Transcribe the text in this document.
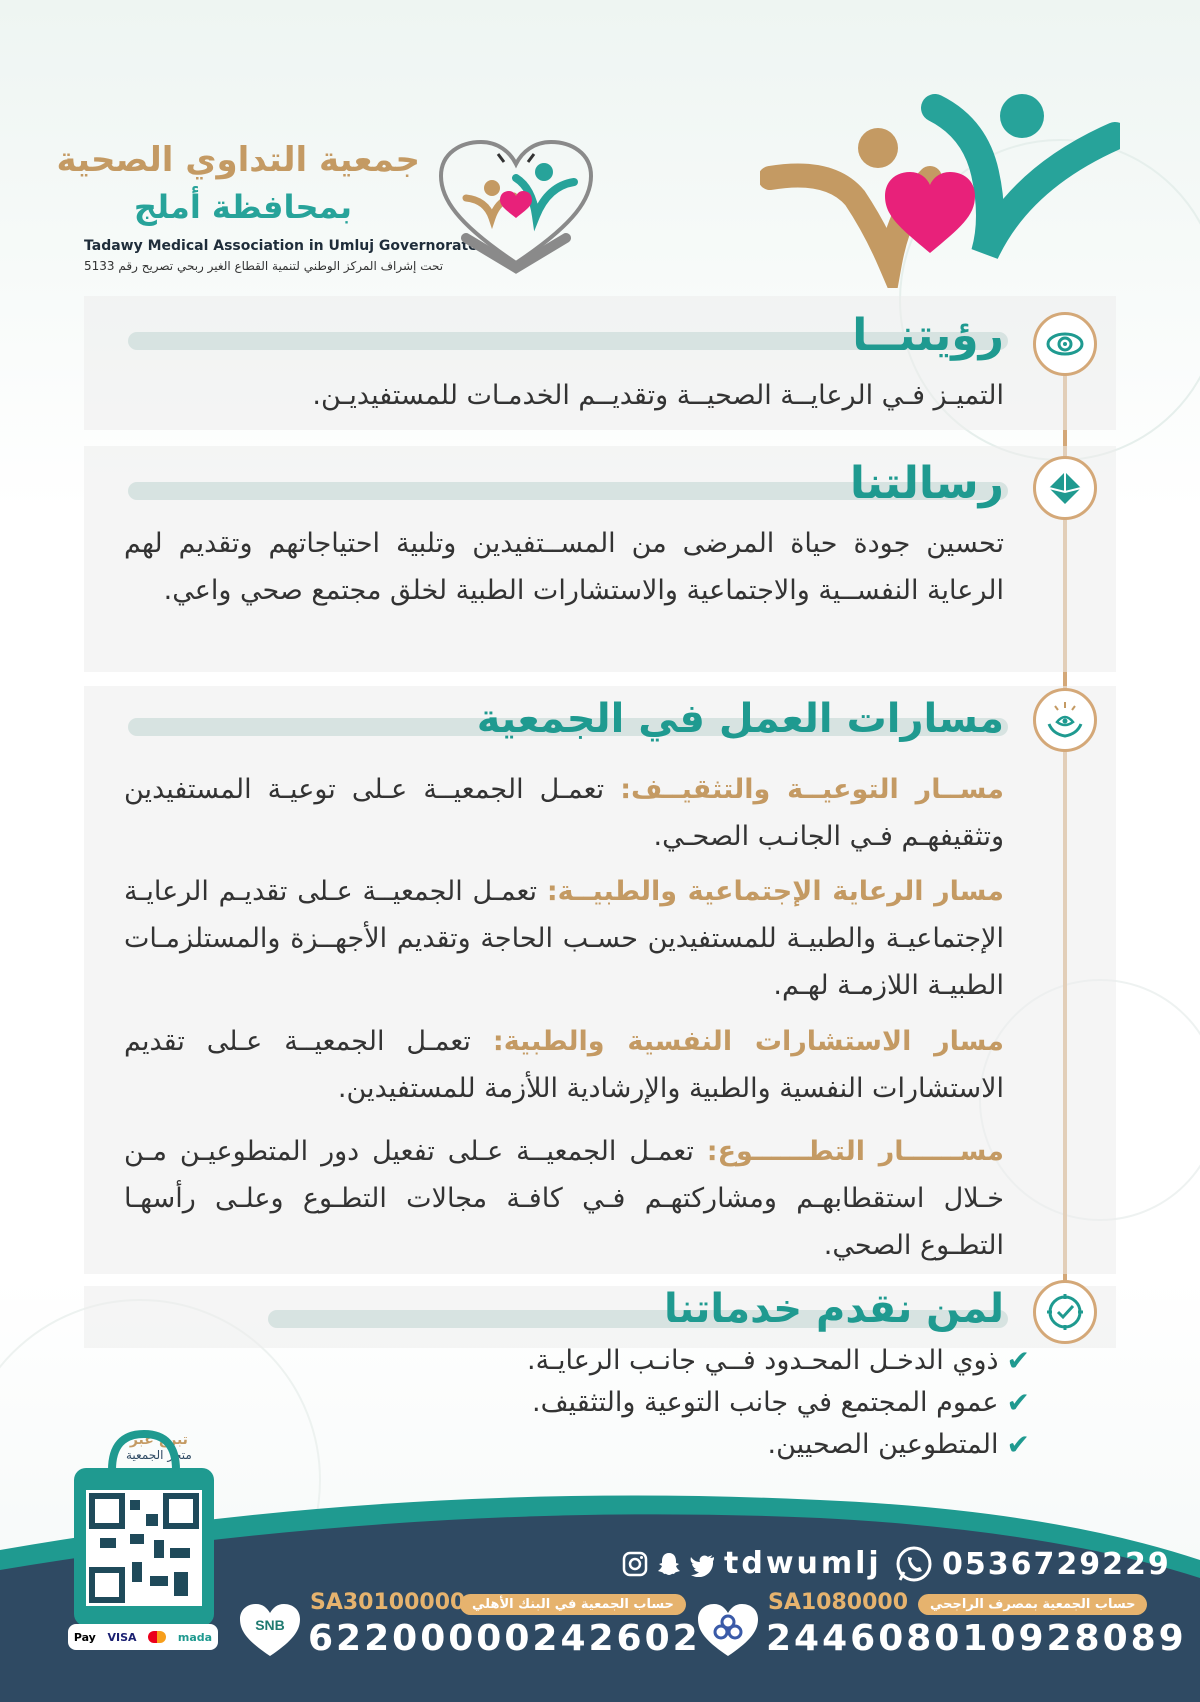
جمعية التداوي الصحية
بمحافظة أملج
Tadawy Medical Association in Umluj Governorate
تحت إشراف المركز الوطني لتنمية القطاع الغير ربحي تصريح رقم 5133
رؤيتنــا
التميـز فـي الرعايــة الصحيــة وتقديــم الخدمـات للمستفيديـن.
رسالتنا
تحسين جودة حياة المرضى من المســتفيدين وتلبية احتياجاتهم وتقديم لهم الرعاية النفســية والاجتماعية والاستشارات الطبية لخلق مجتمع صحي واعي.
مسارات العمل في الجمعية
مســار التوعيــة والتثقيــف: تعمـل الجمعيــة عـلى توعيـة المستفيدين وتثقيفهـم فـي الجانـب الصحـي.
مسار الرعاية الإجتماعية والطبيــة: تعمـل الجمعيــة عـلى تقديـم الرعايـة الإجتماعيـة والطبيـة للمستفيدين حسـب الحاجة وتقديم الأجهــزة والمستلزمـات الطبيـة اللازمـة لهـم.
مسار الاستشارات النفسية والطبية: تعمـل الجمعيــة عـلى تقديم الاستشارات النفسية والطبية والإرشادية اللأزمة للمستفيدين.
مســــــار التطــــــوع: تعمـل الجمعيــة عـلى تفعيل دور المتطوعيـن مـن خـلال استقطابهـم ومشاركتهـم فـي كافـة مجالات التطـوع وعلـى رأسهـا التطـوع الصحي.
لمن نقدم خدماتنا
✔
ذوي الدخـل المحـدود فــي جانـب الرعايـة.
✔
عموم المجتمع في جانب التوعية والتثقيف.
✔
المتطوعين الصحيين.
تبرع عبر
متجر الجمعية
Pay VISA	mada
tdwumlj 0536729229
SNB
حساب الجمعية في البنك الأهلي
SA30100000
62200000242602
حساب الجمعية بمصرف الراجحي
SA1080000
244608010928089
